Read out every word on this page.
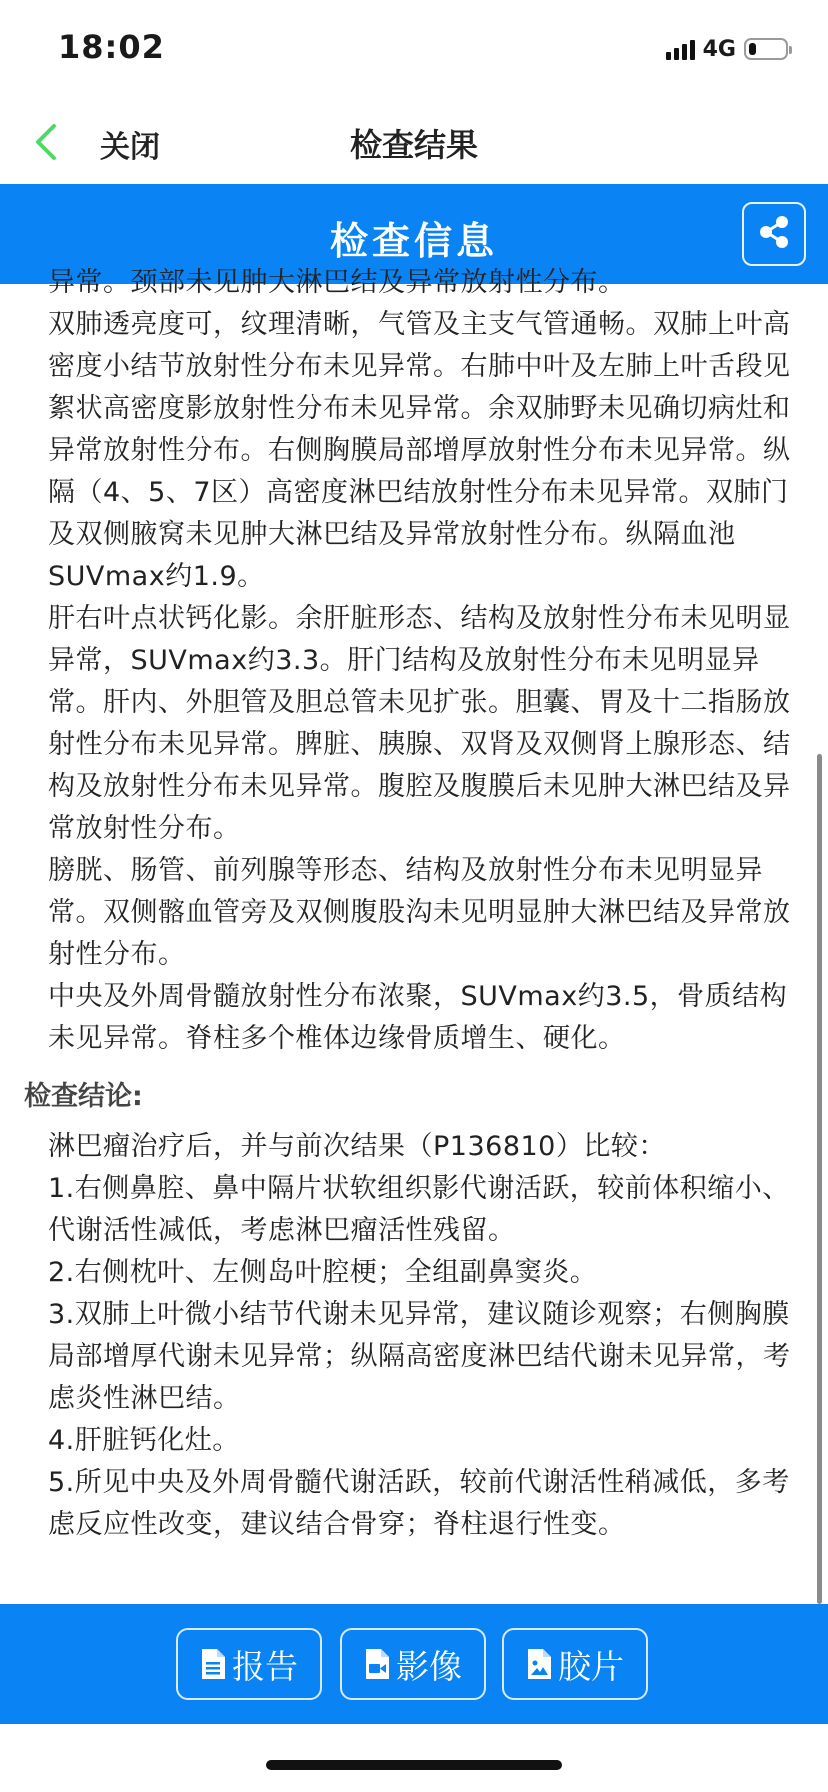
18:02	4G
关闭	检查结果
检查信息

异常。颈部未见肿大淋巴结及异常放射性分布。

双肺透亮度可，纹理清晰，气管及主支气管通畅。双肺上叶高密度小结节放射性分布未见异常。右肺中叶及左肺上叶舌段见絮状高密度影放射性分布未见异常。余双肺野未见确切病灶和异常放射性分布。右侧胸膜局部增厚放射性分布未见异常。纵隔（4、5、7区）高密度淋巴结放射性分布未见异常。双肺门及双侧腋窝未见肿大淋巴结及异常放射性分布。纵隔血池SUVmax约1.9。

肝右叶点状钙化影。余肝脏形态、结构及放射性分布未见明显异常，SUVmax约3.3。肝门结构及放射性分布未见明显异常。肝内、外胆管及胆总管未见扩张。胆囊、胃及十二指肠放射性分布未见异常。脾脏、胰腺、双肾及双侧肾上腺形态、结构及放射性分布未见异常。腹腔及腹膜后未见肿大淋巴结及异常放射性分布。

膀胱、肠管、前列腺等形态、结构及放射性分布未见明显异常。双侧髂血管旁及双侧腹股沟未见明显肿大淋巴结及异常放射性分布。

中央及外周骨髓放射性分布浓聚，SUVmax约3.5，骨质结构未见异常。脊柱多个椎体边缘骨质增生、硬化。

检查结论:

淋巴瘤治疗后，并与前次结果（P136810）比较：

1.右侧鼻腔、鼻中隔片状软组织影代谢活跃，较前体积缩小、代谢活性减低，考虑淋巴瘤活性残留。

2.右侧枕叶、左侧岛叶腔梗；全组副鼻窦炎。

3.双肺上叶微小结节代谢未见异常，建议随诊观察；右侧胸膜局部增厚代谢未见异常；纵隔高密度淋巴结代谢未见异常，考虑炎性淋巴结。

4.肝脏钙化灶。

5.所见中央及外周骨髓代谢活跃，较前代谢活性稍减低，多考虑反应性改变，建议结合骨穿；脊柱退行性变。

报告	影像	胶片
